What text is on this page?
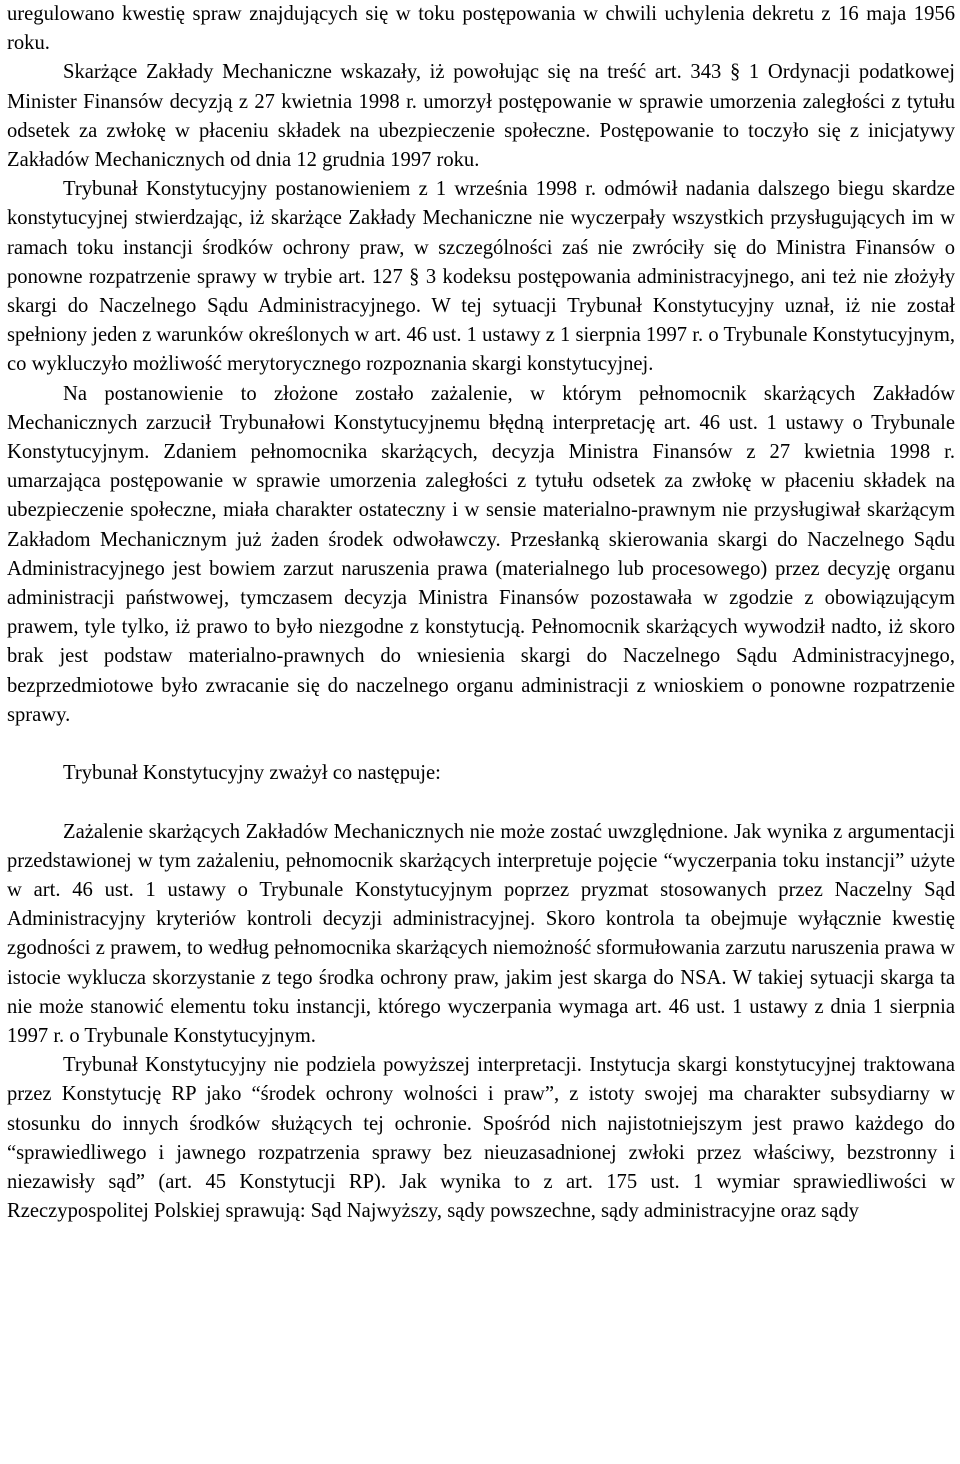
uregulowano kwestię spraw znajdujących się w toku postępowania w chwili uchylenia dekretu z 16 maja 1956 roku.

Skarżące Zakłady Mechaniczne wskazały, iż powołując się na treść art. 343 § 1 Ordynacji podatkowej Minister Finansów decyzją z 27 kwietnia 1998 r. umorzył postępowanie w sprawie umorzenia zaległości z tytułu odsetek za zwłokę w płaceniu składek na ubezpieczenie społeczne. Postępowanie to toczyło się z inicjatywy Zakładów Mechanicznych od dnia 12 grudnia 1997 roku.

Trybunał Konstytucyjny postanowieniem z 1 września 1998 r. odmówił nadania dalszego biegu skardze konstytucyjnej stwierdzając, iż skarżące Zakłady Mechaniczne nie wyczerpały wszystkich przysługujących im w ramach toku instancji środków ochrony praw, w szczególności zaś nie zwróciły się do Ministra Finansów o ponowne rozpatrzenie sprawy w trybie art. 127 § 3 kodeksu postępowania administracyjnego, ani też nie złożyły skargi do Naczelnego Sądu Administracyjnego. W tej sytuacji Trybunał Konstytucyjny uznał, iż nie został spełniony jeden z warunków określonych w art. 46 ust. 1 ustawy z 1 sierpnia 1997 r. o Trybunale Konstytucyjnym, co wykluczyło możliwość merytorycznego rozpoznania skargi konstytucyjnej.

Na postanowienie to złożone zostało zażalenie, w którym pełnomocnik skarżących Zakładów Mechanicznych zarzucił Trybunałowi Konstytucyjnemu błędną interpretację art. 46 ust. 1 ustawy o Trybunale Konstytucyjnym. Zdaniem pełnomocnika skarżących, decyzja Ministra Finansów z 27 kwietnia 1998 r. umarzająca postępowanie w sprawie umorzenia zaległości z tytułu odsetek za zwłokę w płaceniu składek na ubezpieczenie społeczne, miała charakter ostateczny i w sensie materialno-prawnym nie przysługiwał skarżącym Zakładom Mechanicznym już żaden środek odwoławczy. Przesłanką skierowania skargi do Naczelnego Sądu Administracyjnego jest bowiem zarzut naruszenia prawa (materialnego lub procesowego) przez decyzję organu administracji państwowej, tymczasem decyzja Ministra Finansów pozostawała w zgodzie z obowiązującym prawem, tyle tylko, iż prawo to było niezgodne z konstytucją. Pełnomocnik skarżących wywodził nadto, iż skoro brak jest podstaw materialno-prawnych do wniesienia skargi do Naczelnego Sądu Administracyjnego, bezprzedmiotowe było zwracanie się do naczelnego organu administracji z wnioskiem o ponowne rozpatrzenie sprawy.

Trybunał Konstytucyjny zważył co następuje:

Zażalenie skarżących Zakładów Mechanicznych nie może zostać uwzględnione. Jak wynika z argumentacji przedstawionej w tym zażaleniu, pełnomocnik skarżących interpretuje pojęcie “wyczerpania toku instancji” użyte w art. 46 ust. 1 ustawy o Trybunale Konstytucyjnym poprzez pryzmat stosowanych przez Naczelny Sąd Administracyjny kryteriów kontroli decyzji administracyjnej. Skoro kontrola ta obejmuje wyłącznie kwestię zgodności z prawem, to według pełnomocnika skarżących niemożność sformułowania zarzutu naruszenia prawa w istocie wyklucza skorzystanie z tego środka ochrony praw, jakim jest skarga do NSA. W takiej sytuacji skarga ta nie może stanowić elementu toku instancji, którego wyczerpania wymaga art. 46 ust. 1 ustawy z dnia 1 sierpnia 1997 r. o Trybunale Konstytucyjnym.

Trybunał Konstytucyjny nie podziela powyższej interpretacji. Instytucja skargi konstytucyjnej traktowana przez Konstytucję RP jako “środek ochrony wolności i praw”, z istoty swojej ma charakter subsydiarny w stosunku do innych środków służących tej ochronie. Spośród nich najistotniejszym jest prawo każdego do “sprawiedliwego i jawnego rozpatrzenia sprawy bez nieuzasadnionej zwłoki przez właściwy, bezstronny i niezawisły sąd” (art. 45 Konstytucji RP). Jak wynika to z art. 175 ust. 1 wymiar sprawiedliwości w Rzeczypospolitej Polskiej sprawują: Sąd Najwyższy, sądy powszechne, sądy administracyjne oraz sądy
